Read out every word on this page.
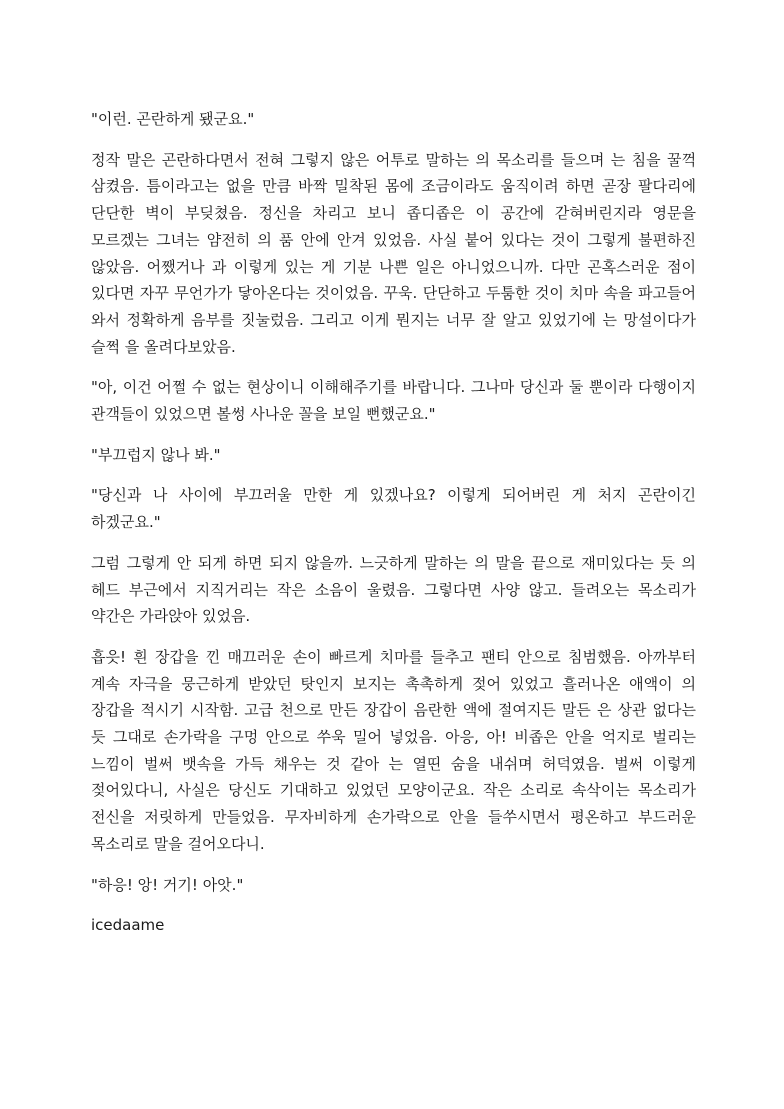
"이런. 곤란하게 됐군요."

정작 말은 곤란하다면서 전혀 그렇지 않은 어투로 말하는 의 목소리를 들으며 는 침을 꿀꺽 삼켰음. 틈이라고는 없을 만큼 바짝 밀착된 몸에 조금이라도 움직이려 하면 곧장 팔다리에 단단한 벽이 부딪쳤음. 정신을 차리고 보니 좁디좁은 이 공간에 갇혀버린지라 영문을 모르겠는 그녀는 얌전히 의 품 안에 안겨 있었음. 사실 붙어 있다는 것이 그렇게 불편하진 않았음. 어쨌거나 과 이렇게 있는 게 기분 나쁜 일은 아니었으니까. 다만 곤혹스러운 점이 있다면 자꾸 무언가가 닿아온다는 것이었음. 꾸욱. 단단하고 두툼한 것이 치마 속을 파고들어 와서 정확하게 음부를 짓눌렀음. 그리고 이게 뭔지는 너무 잘 알고 있었기에 는 망설이다가 슬쩍 을 올려다보았음.

"아, 이건 어쩔 수 없는 현상이니 이해해주기를 바랍니다. 그나마 당신과 둘 뿐이라 다행이지 관객들이 있었으면 볼썽 사나운 꼴을 보일 뻔했군요."

"부끄럽지 않나 봐."

"당신과 나 사이에 부끄러울 만한 게 있겠나요? 이렇게 되어버린 게 처지 곤란이긴 하겠군요."

그럼 그렇게 안 되게 하면 되지 않을까. 느긋하게 말하는 의 말을 끝으로 재미있다는 듯 의 헤드 부근에서 지직거리는 작은 소음이 울렸음. 그렇다면 사양 않고. 들려오는 목소리가 약간은 가라앉아 있었음.

흡읏! 흰 장갑을 낀 매끄러운 손이 빠르게 치마를 들추고 팬티 안으로 침범했음. 아까부터 계속 자극을 뭉근하게 받았던 탓인지 보지는 촉촉하게 젖어 있었고 흘러나온 애액이 의 장갑을 적시기 시작함. 고급 천으로 만든 장갑이 음란한 액에 절여지든 말든 은 상관 없다는 듯 그대로 손가락을 구멍 안으로 쑤욱 밀어 넣었음. 아응, 아! 비좁은 안을 억지로 벌리는 느낌이 벌써 뱃속을 가득 채우는 것 같아 는 열띤 숨을 내쉬며 허덕였음. 벌써 이렇게 젖어있다니, 사실은 당신도 기대하고 있었던 모양이군요. 작은 소리로 속삭이는 목소리가 전신을 저릿하게 만들었음. 무자비하게 손가락으로 안을 들쑤시면서 평온하고 부드러운 목소리로 말을 걸어오다니.

"하응! 앙! 거기! 아앗."

icedaame
